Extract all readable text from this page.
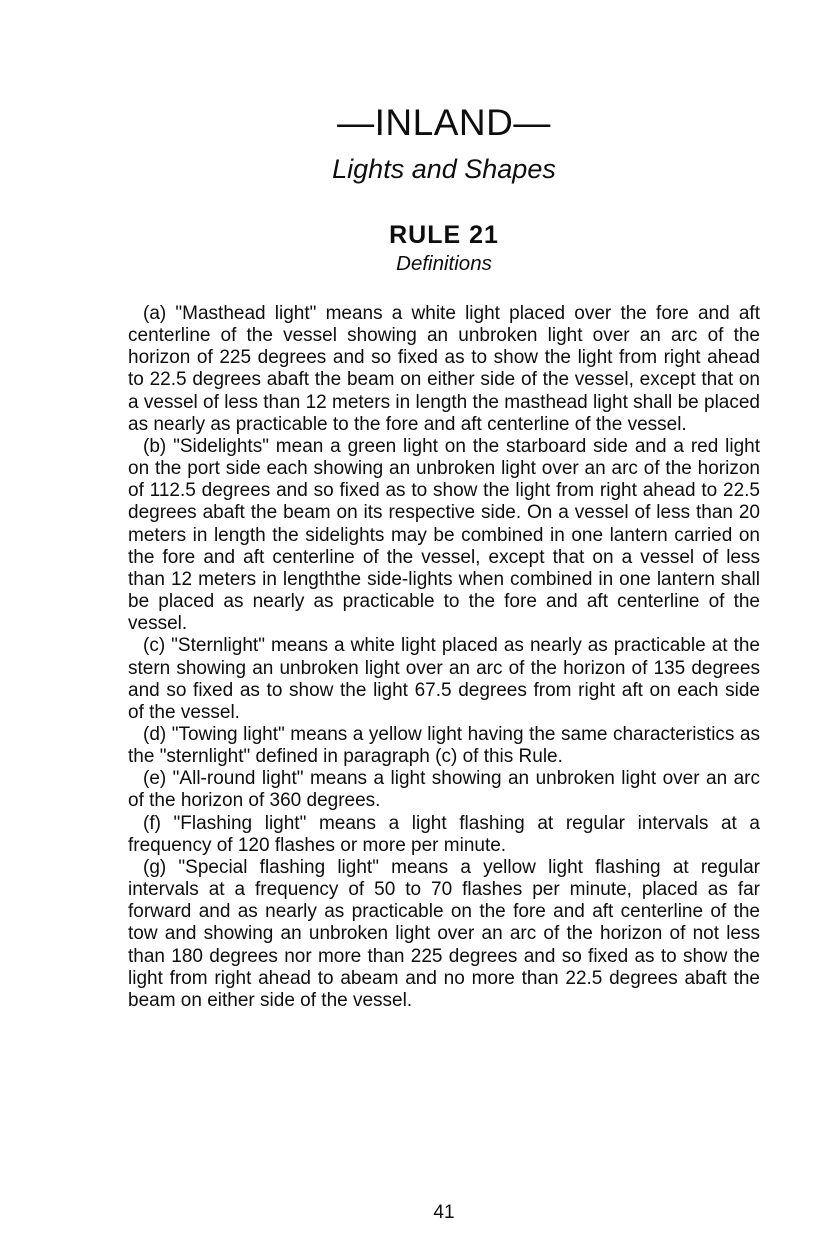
—INLAND—
Lights and Shapes
RULE 21
Definitions

(a) "Masthead light" means a white light placed over the fore and aft centerline of the vessel showing an unbroken light over an arc of the horizon of 225 degrees and so fixed as to show the light from right ahead to 22.5 degrees abaft the beam on either side of the vessel, except that on a vessel of less than 12 meters in length the masthead light shall be placed as nearly as practicable to the fore and aft centerline of the vessel.

(b) "Sidelights" mean a green light on the starboard side and a red light on the port side each showing an unbroken light over an arc of the horizon of 112.5 degrees and so fixed as to show the light from right ahead to 22.5 degrees abaft the beam on its respective side. On a vessel of less than 20 meters in length the sidelights may be combined in one lantern carried on the fore and aft centerline of the vessel, except that on a vessel of less than 12 meters in lengththe side-lights when combined in one lantern shall be placed as nearly as practicable to the fore and aft centerline of the vessel.

(c) "Sternlight" means a white light placed as nearly as practicable at the stern showing an unbroken light over an arc of the horizon of 135 degrees and so fixed as to show the light 67.5 degrees from right aft on each side of the vessel.

(d) "Towing light" means a yellow light having the same characteristics as the "sternlight" defined in paragraph (c) of this Rule.

(e) "All-round light" means a light showing an unbroken light over an arc of the horizon of 360 degrees.

(f) "Flashing light" means a light flashing at regular intervals at a frequency of 120 flashes or more per minute.

(g) "Special flashing light" means a yellow light flashing at regular intervals at a frequency of 50 to 70 flashes per minute, placed as far forward and as nearly as practicable on the fore and aft centerline of the tow and showing an unbroken light over an arc of the horizon of not less than 180 degrees nor more than 225 degrees and so fixed as to show the light from right ahead to abeam and no more than 22.5 degrees abaft the beam on either side of the vessel.

41
